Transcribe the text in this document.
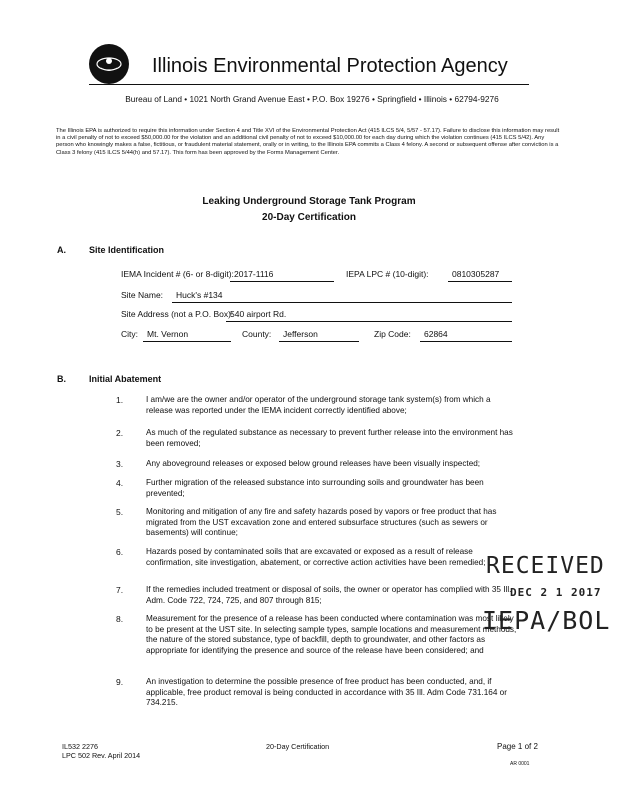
Illinois Environmental Protection Agency
Bureau of Land • 1021 North Grand Avenue East • P.O. Box 19276 • Springfield • Illinois • 62794-9276

The Illinois EPA is authorized to require this information under Section 4 and Title XVI of the Environmental Protection Act (415 ILCS 5/4, 5/57 - 57.17). Failure to disclose this information may result in a civil penalty of not to exceed $50,000.00 for the violation and an additional civil penalty of not to exceed $10,000.00 for each day during which the violation continues (415 ILCS 5/42). Any person who knowingly makes a false, fictitious, or fraudulent material statement, orally or in writing, to the Illinois EPA commits a Class 4 felony. A second or subsequent offense after conviction is a Class 3 felony (415 ILCS 5/44(h) and 57.17). This form has been approved by the Forms Management Center.

Leaking Underground Storage Tank Program
20-Day Certification
A.	Site Identification
IEMA Incident # (6- or 8-digit): 2017-1116	IEPA LPC # (10-digit):	0810305287
Site Name: Huck's #134
Site Address (not a P.O. Box):
540 airport Rd.
City: Mt. Vernon	County: Jefferson	Zip Code: 62864
B.	Initial Abatement
1.	I am/we are the owner and/or operator of the underground storage tank system(s) from which a release was reported under the IEMA incident correctly identified above;
2.	As much of the regulated substance as necessary to prevent further release into the environment has been removed;
3.	Any aboveground releases or exposed below ground releases have been visually inspected;
4.	Further migration of the released substance into surrounding soils and groundwater has been prevented;
5.	Monitoring and mitigation of any fire and safety hazards posed by vapors or free product that has migrated from the UST excavation zone and entered subsurface structures (such as sewers or basements) will continue;
6.	Hazards posed by contaminated soils that are excavated or exposed as a result of release confirmation, site investigation, abatement, or corrective action activities have been remedied;
7.	If the remedies included treatment or disposal of soils, the owner or operator has complied with 35 Ill. Adm. Code 722, 724, 725, and 807 through 815;
8.	Measurement for the presence of a release has been conducted where contamination was most likely to be present at the UST site. In selecting sample types, sample locations and measurement methods, the nature of the stored substance, type of backfill, depth to groundwater, and other factors as appropriate for identifying the presence and source of the release have been considered; and
9.	An investigation to determine the possible presence of free product has been conducted, and, if applicable, free product removal is being conducted in accordance with 35 Ill. Adm Code 731.164 or 734.215.
RECEIVED
DEC 2 1 2017
IEPA/BOL
IL532 2276
LPC 502 Rev. April 2014
20-Day Certification	Page 1 of 2
AR 0001
